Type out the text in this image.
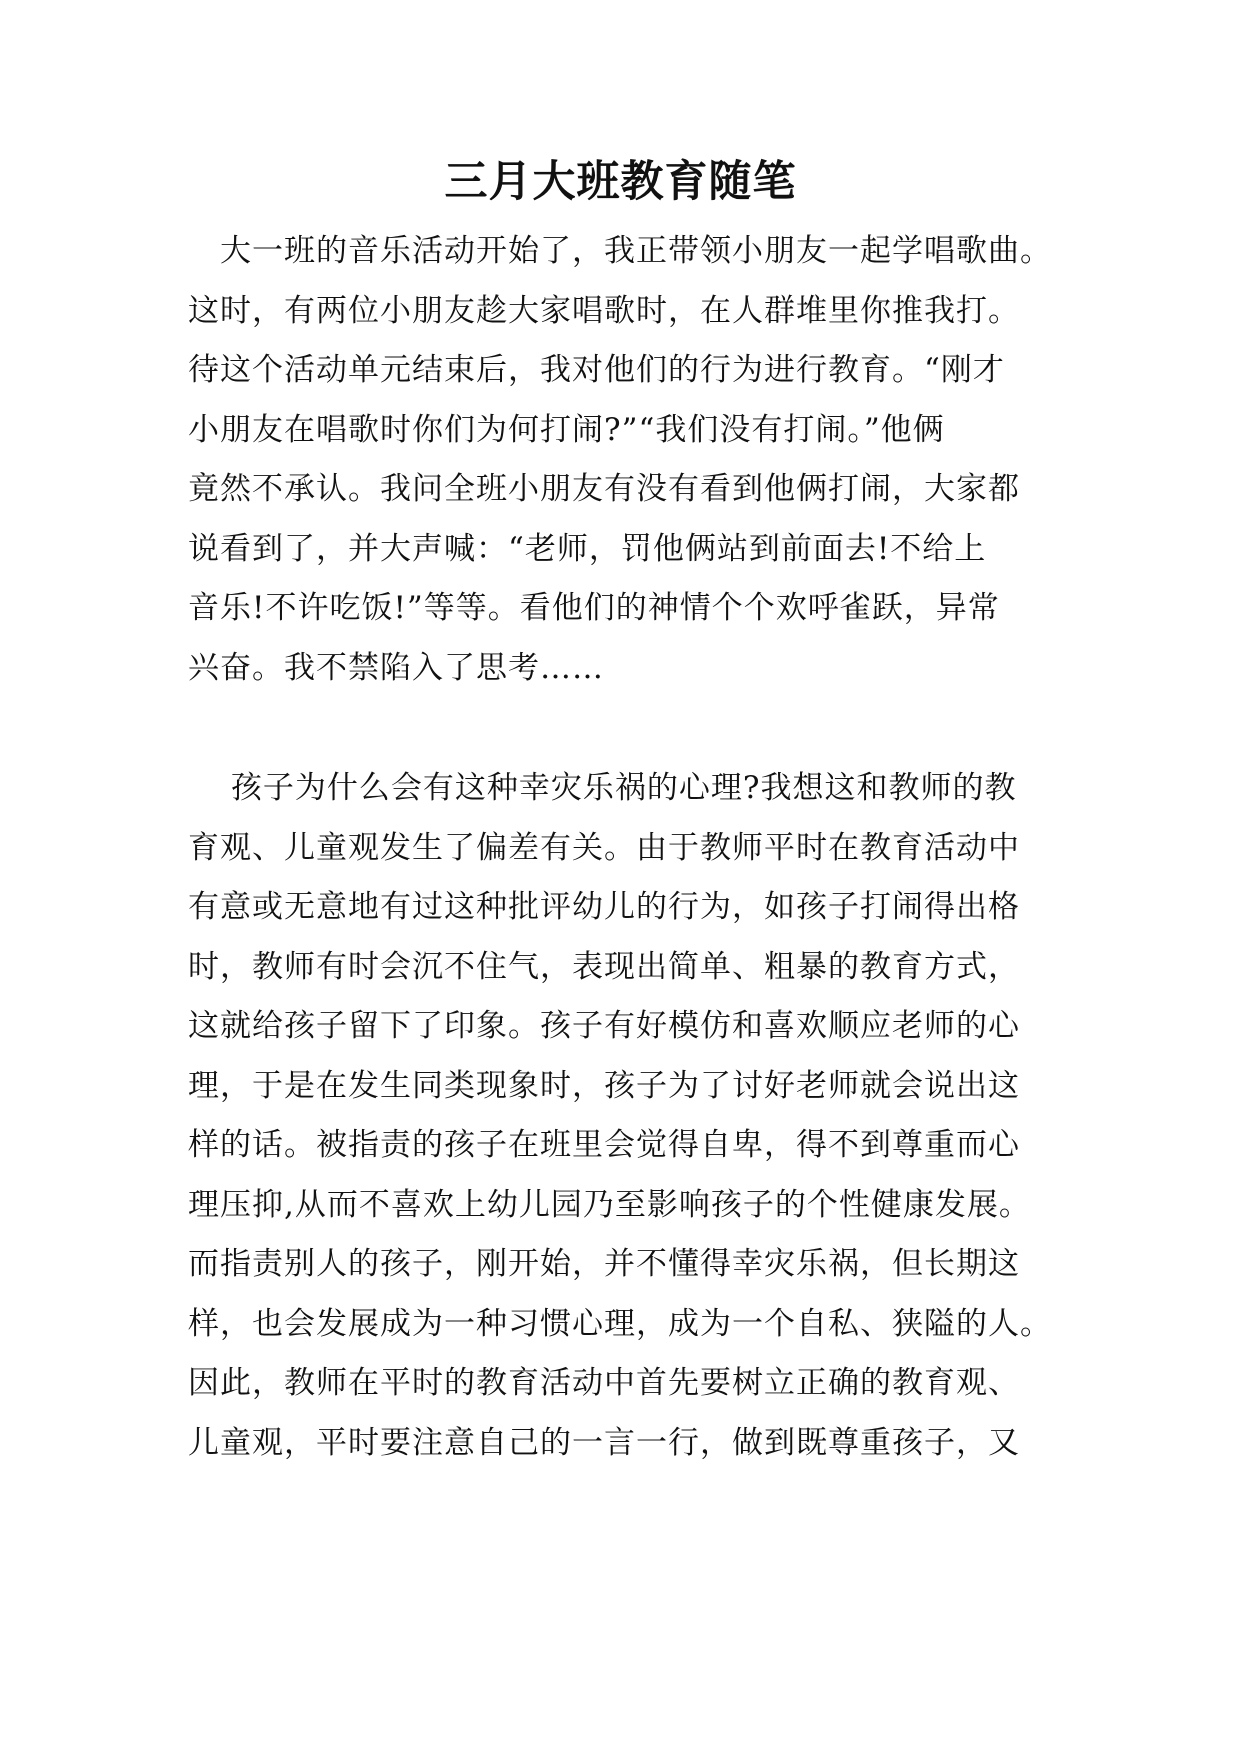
三月大班教育随笔
　大一班的音乐活动开始了，我正带领小朋友一起学唱歌曲。
这时，有两位小朋友趁大家唱歌时，在人群堆里你推我打。
待这个活动单元结束后，我对他们的行为进行教育。“刚才
小朋友在唱歌时你们为何打闹?”“我们没有打闹。”他俩
竟然不承认。我问全班小朋友有没有看到他俩打闹，大家都
说看到了，并大声喊：“老师，罚他俩站到前面去!不给上
音乐!不许吃饭!”等等。看他们的神情个个欢呼雀跃，异常
兴奋。我不禁陷入了思考……
　 孩子为什么会有这种幸灾乐祸的心理?我想这和教师的教
育观、儿童观发生了偏差有关。由于教师平时在教育活动中
有意或无意地有过这种批评幼儿的行为，如孩子打闹得出格
时，教师有时会沉不住气，表现出简单、粗暴的教育方式，
这就给孩子留下了印象。孩子有好模仿和喜欢顺应老师的心
理，于是在发生同类现象时，孩子为了讨好老师就会说出这
样的话。被指责的孩子在班里会觉得自卑，得不到尊重而心
理压抑,从而不喜欢上幼儿园乃至影响孩子的个性健康发展。
而指责别人的孩子，刚开始，并不懂得幸灾乐祸，但长期这
样，也会发展成为一种习惯心理，成为一个自私、狭隘的人。
因此，教师在平时的教育活动中首先要树立正确的教育观、
儿童观，平时要注意自己的一言一行，做到既尊重孩子，又
